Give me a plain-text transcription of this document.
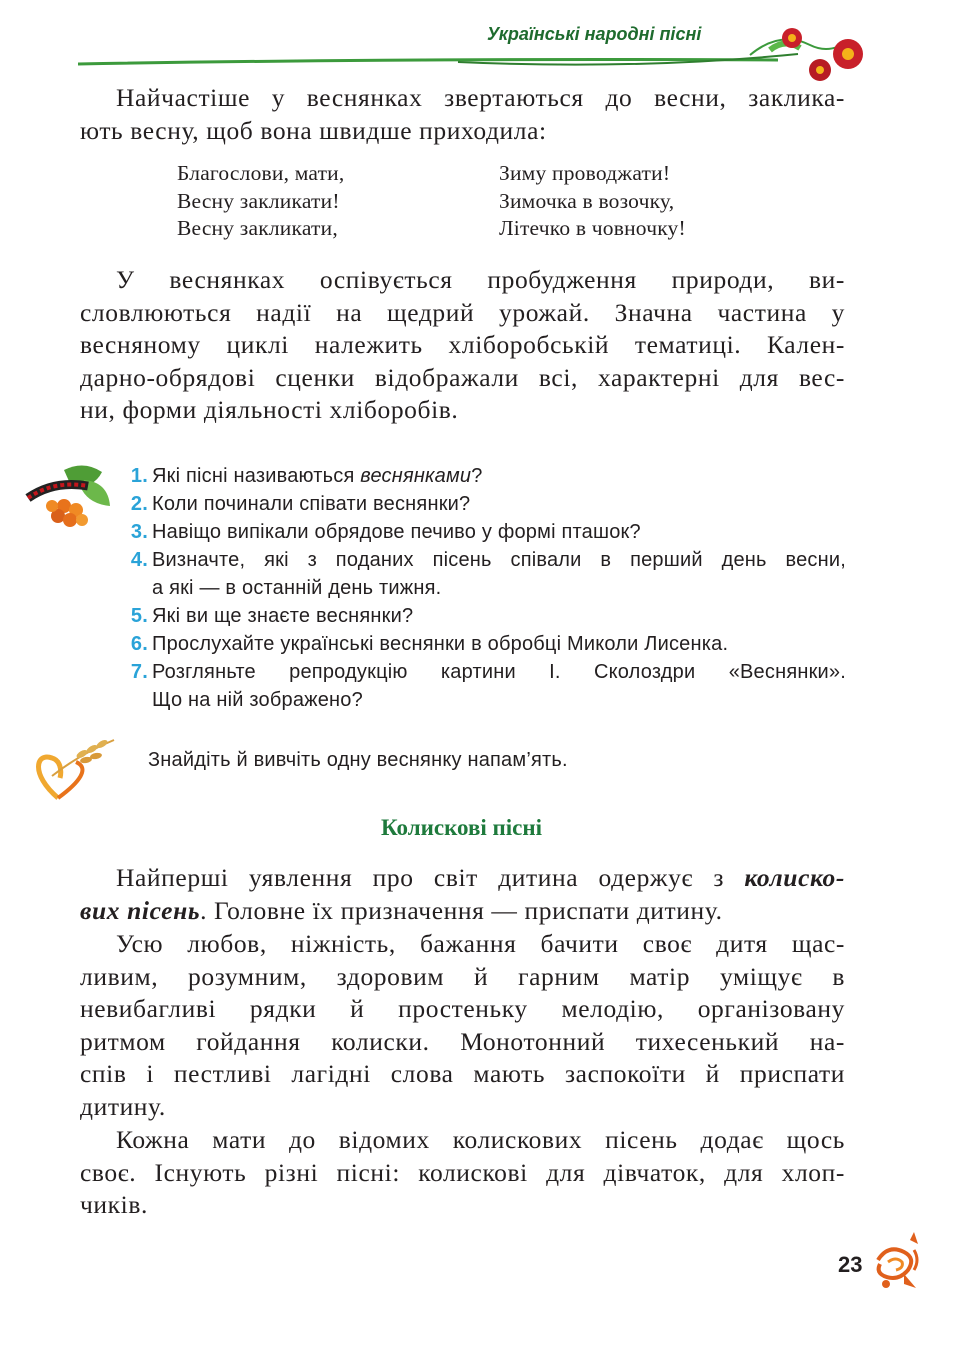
Українські народні пісні
Найчастіше у веснянках звертаються до весни, заклика-
ють весну, щоб вона швидше приходила:
Благослови, мати,
Весну закликати!
Весну закликати,
Зиму проводжати!
Зимочка в возочку,
Літечко в човночку!
У веснянках оспівується пробудження природи, ви-
словлюються надії на щедрий урожай. Значна частина у
весняному циклі належить хліборобській тематиці. Кален-
дарно-обрядові сценки відображали всі, характерні для вес-
ни, форми діяльності хліборобів.
1. Які пісні називаються веснянками?
2. Коли починали співати веснянки?
3. Навіщо випікали обрядове печиво у формі пташок?
4. Визначте, які з поданих пісень співали в перший день весни,
а які — в останній день тижня.
5. Які ви ще знаєте веснянки?
6. Прослухайте українські веснянки в обробці Миколи Лисенка.
7. Розгляньте репродукцію картини І. Сколоздри «Веснянки».
Що на ній зображено?
Знайдіть й вивчіть одну веснянку напам’ять.
Колискові пісні
Найперші уявлення про світ дитина одержує з колиско-
вих пісень. Головне їх призначення — приспати дитину.
Усю любов, ніжність, бажання бачити своє дитя щас-
ливим, розумним, здоровим й гарним матір уміщує в
невибагливі рядки й простеньку мелодію, організовану
ритмом гойдання колиски. Монотонний тихесенький на-
спів і пестливі лагідні слова мають заспокоїти й приспати
дитину.
Кожна мати до відомих колискових пісень додає щось
своє. Існують різні пісні: колискові для дівчаток, для хлоп-
чиків.
23
